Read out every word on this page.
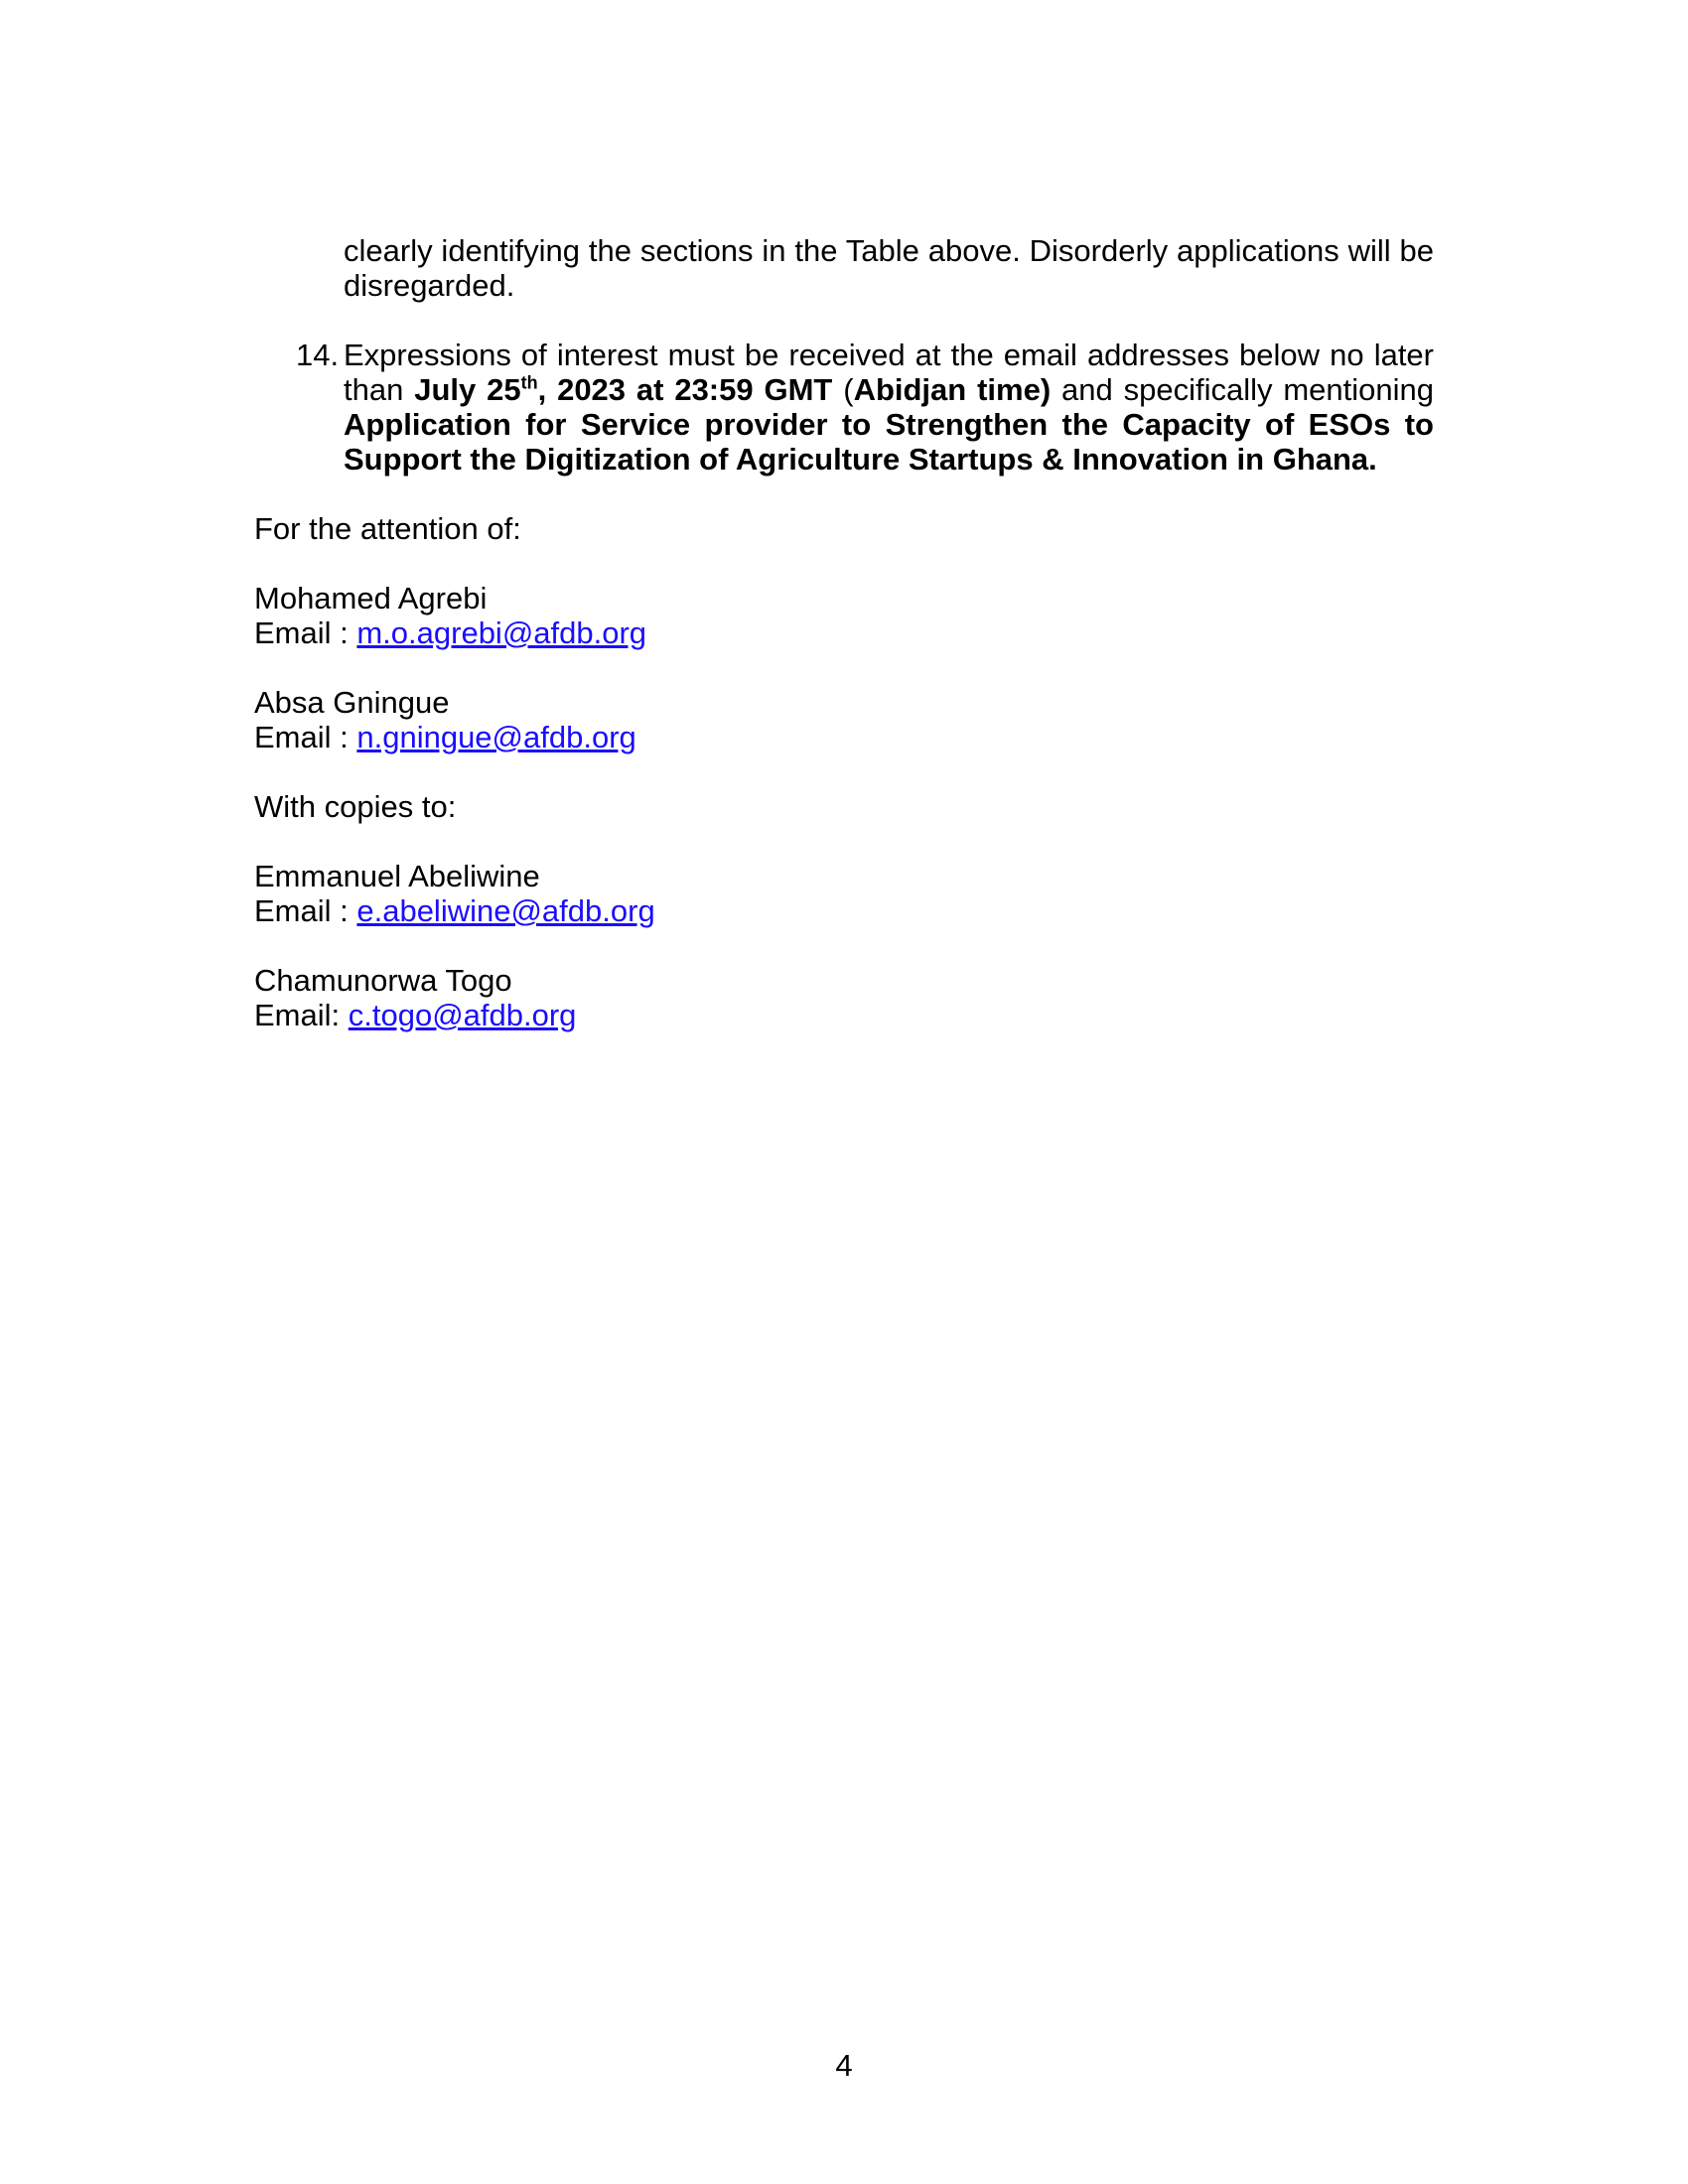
clearly identifying the sections in the Table above. Disorderly applications will be
disregarded.
14. Expressions of interest must be received at the email addresses below no later
than July 25th, 2023 at 23:59 GMT (Abidjan time) and specifically mentioning
Application for Service provider to Strengthen the Capacity of ESOs to
Support the Digitization of Agriculture Startups & Innovation in Ghana.
For the attention of:
Mohamed Agrebi
Email : m.o.agrebi@afdb.org
Absa Gningue
Email : n.gningue@afdb.org
With copies to:
Emmanuel Abeliwine
Email : e.abeliwine@afdb.org
Chamunorwa Togo
Email: c.togo@afdb.org
4
